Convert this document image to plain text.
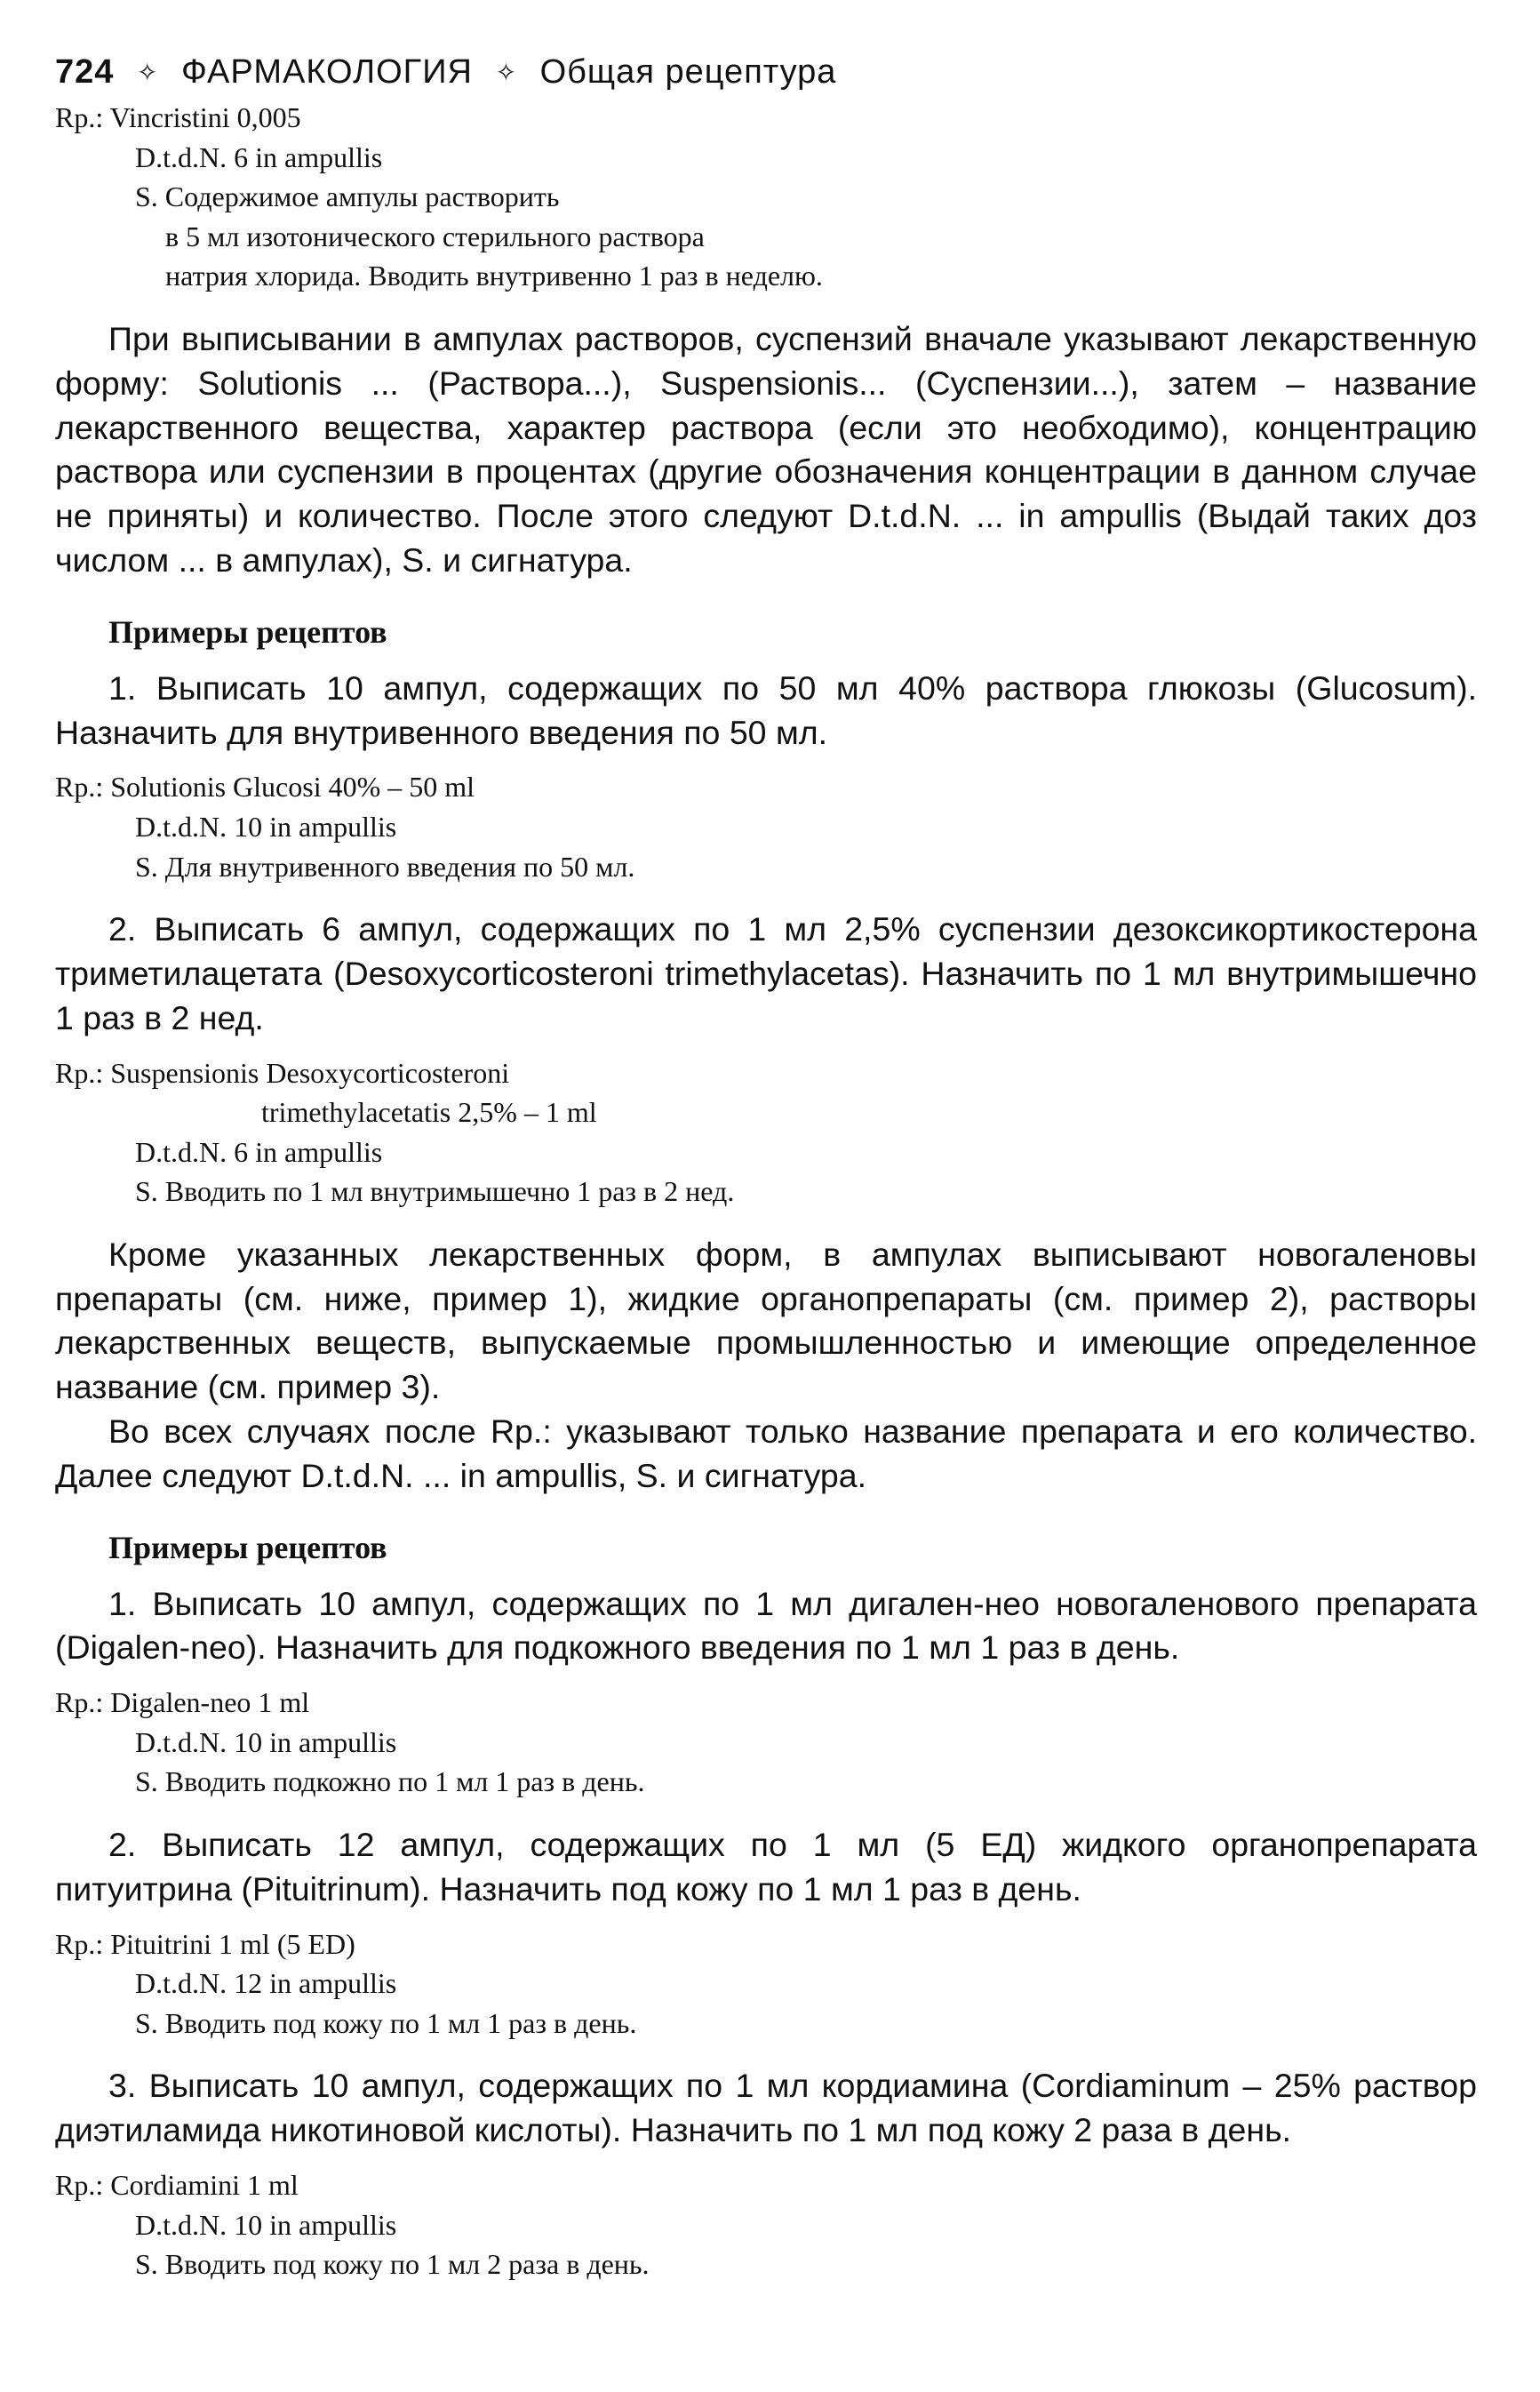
724 ✧ ФАРМАКОЛОГИЯ ✧ Общая рецептура
Rp.: Vincristini 0,005
D.t.d.N. 6 in ampullis
S. Содержимое ампулы растворить
в 5 мл изотонического стерильного раствора
натрия хлорида. Вводить внутривенно 1 раз в неделю.

При выписывании в ампулах растворов, суспензий вначале указывают лекарственную форму: Solutionis ... (Раствора...), Suspensionis... (Суспензии...), затем – название лекарственного вещества, характер раствора (если это необходимо), концентрацию раствора или суспензии в процентах (другие обозначения концентрации в данном случае не приняты) и количество. После этого следуют D.t.d.N. ... in ampullis (Выдай таких доз числом ... в ампулах), S. и сигнатура.

Примеры рецептов

1. Выписать 10 ампул, содержащих по 50 мл 40% раствора глюкозы (Glucosum). Назначить для внутривенного введения по 50 мл.

Rp.: Solutionis Glucosi 40% – 50 ml
D.t.d.N. 10 in ampullis
S. Для внутривенного введения по 50 мл.

2. Выписать 6 ампул, содержащих по 1 мл 2,5% суспензии дезоксикортикостерона триметилацетата (Desoxycorticosteroni trimethylacetas). Назначить по 1 мл внутримышечно 1 раз в 2 нед.

Rp.: Suspensionis Desoxycorticosteroni
trimethylacetatis 2,5% – 1 ml
D.t.d.N. 6 in ampullis
S. Вводить по 1 мл внутримышечно 1 раз в 2 нед.

Кроме указанных лекарственных форм, в ампулах выписывают новогаленовы препараты (см. ниже, пример 1), жидкие органопрепараты (см. пример 2), растворы лекарственных веществ, выпускаемые промышленностью и имеющие определенное название (см. пример 3).

Во всех случаях после Rp.: указывают только название препарата и его количество. Далее следуют D.t.d.N. ... in ampullis, S. и сигнатура.

Примеры рецептов

1. Выписать 10 ампул, содержащих по 1 мл дигален-нео новогаленового препарата (Digalen-neo). Назначить для подкожного введения по 1 мл 1 раз в день.

Rp.: Digalen-neo 1 ml
D.t.d.N. 10 in ampullis
S. Вводить подкожно по 1 мл 1 раз в день.

2. Выписать 12 ампул, содержащих по 1 мл (5 ЕД) жидкого органопрепарата питуитрина (Pituitrinum). Назначить под кожу по 1 мл 1 раз в день.

Rp.: Pituitrini 1 ml (5 ED)
D.t.d.N. 12 in ampullis
S. Вводить под кожу по 1 мл 1 раз в день.

3. Выписать 10 ампул, содержащих по 1 мл кордиамина (Cordiaminum – 25% раствор диэтиламида никотиновой кислоты). Назначить по 1 мл под кожу 2 раза в день.

Rp.: Cordiamini 1 ml
D.t.d.N. 10 in ampullis
S. Вводить под кожу по 1 мл 2 раза в день.
